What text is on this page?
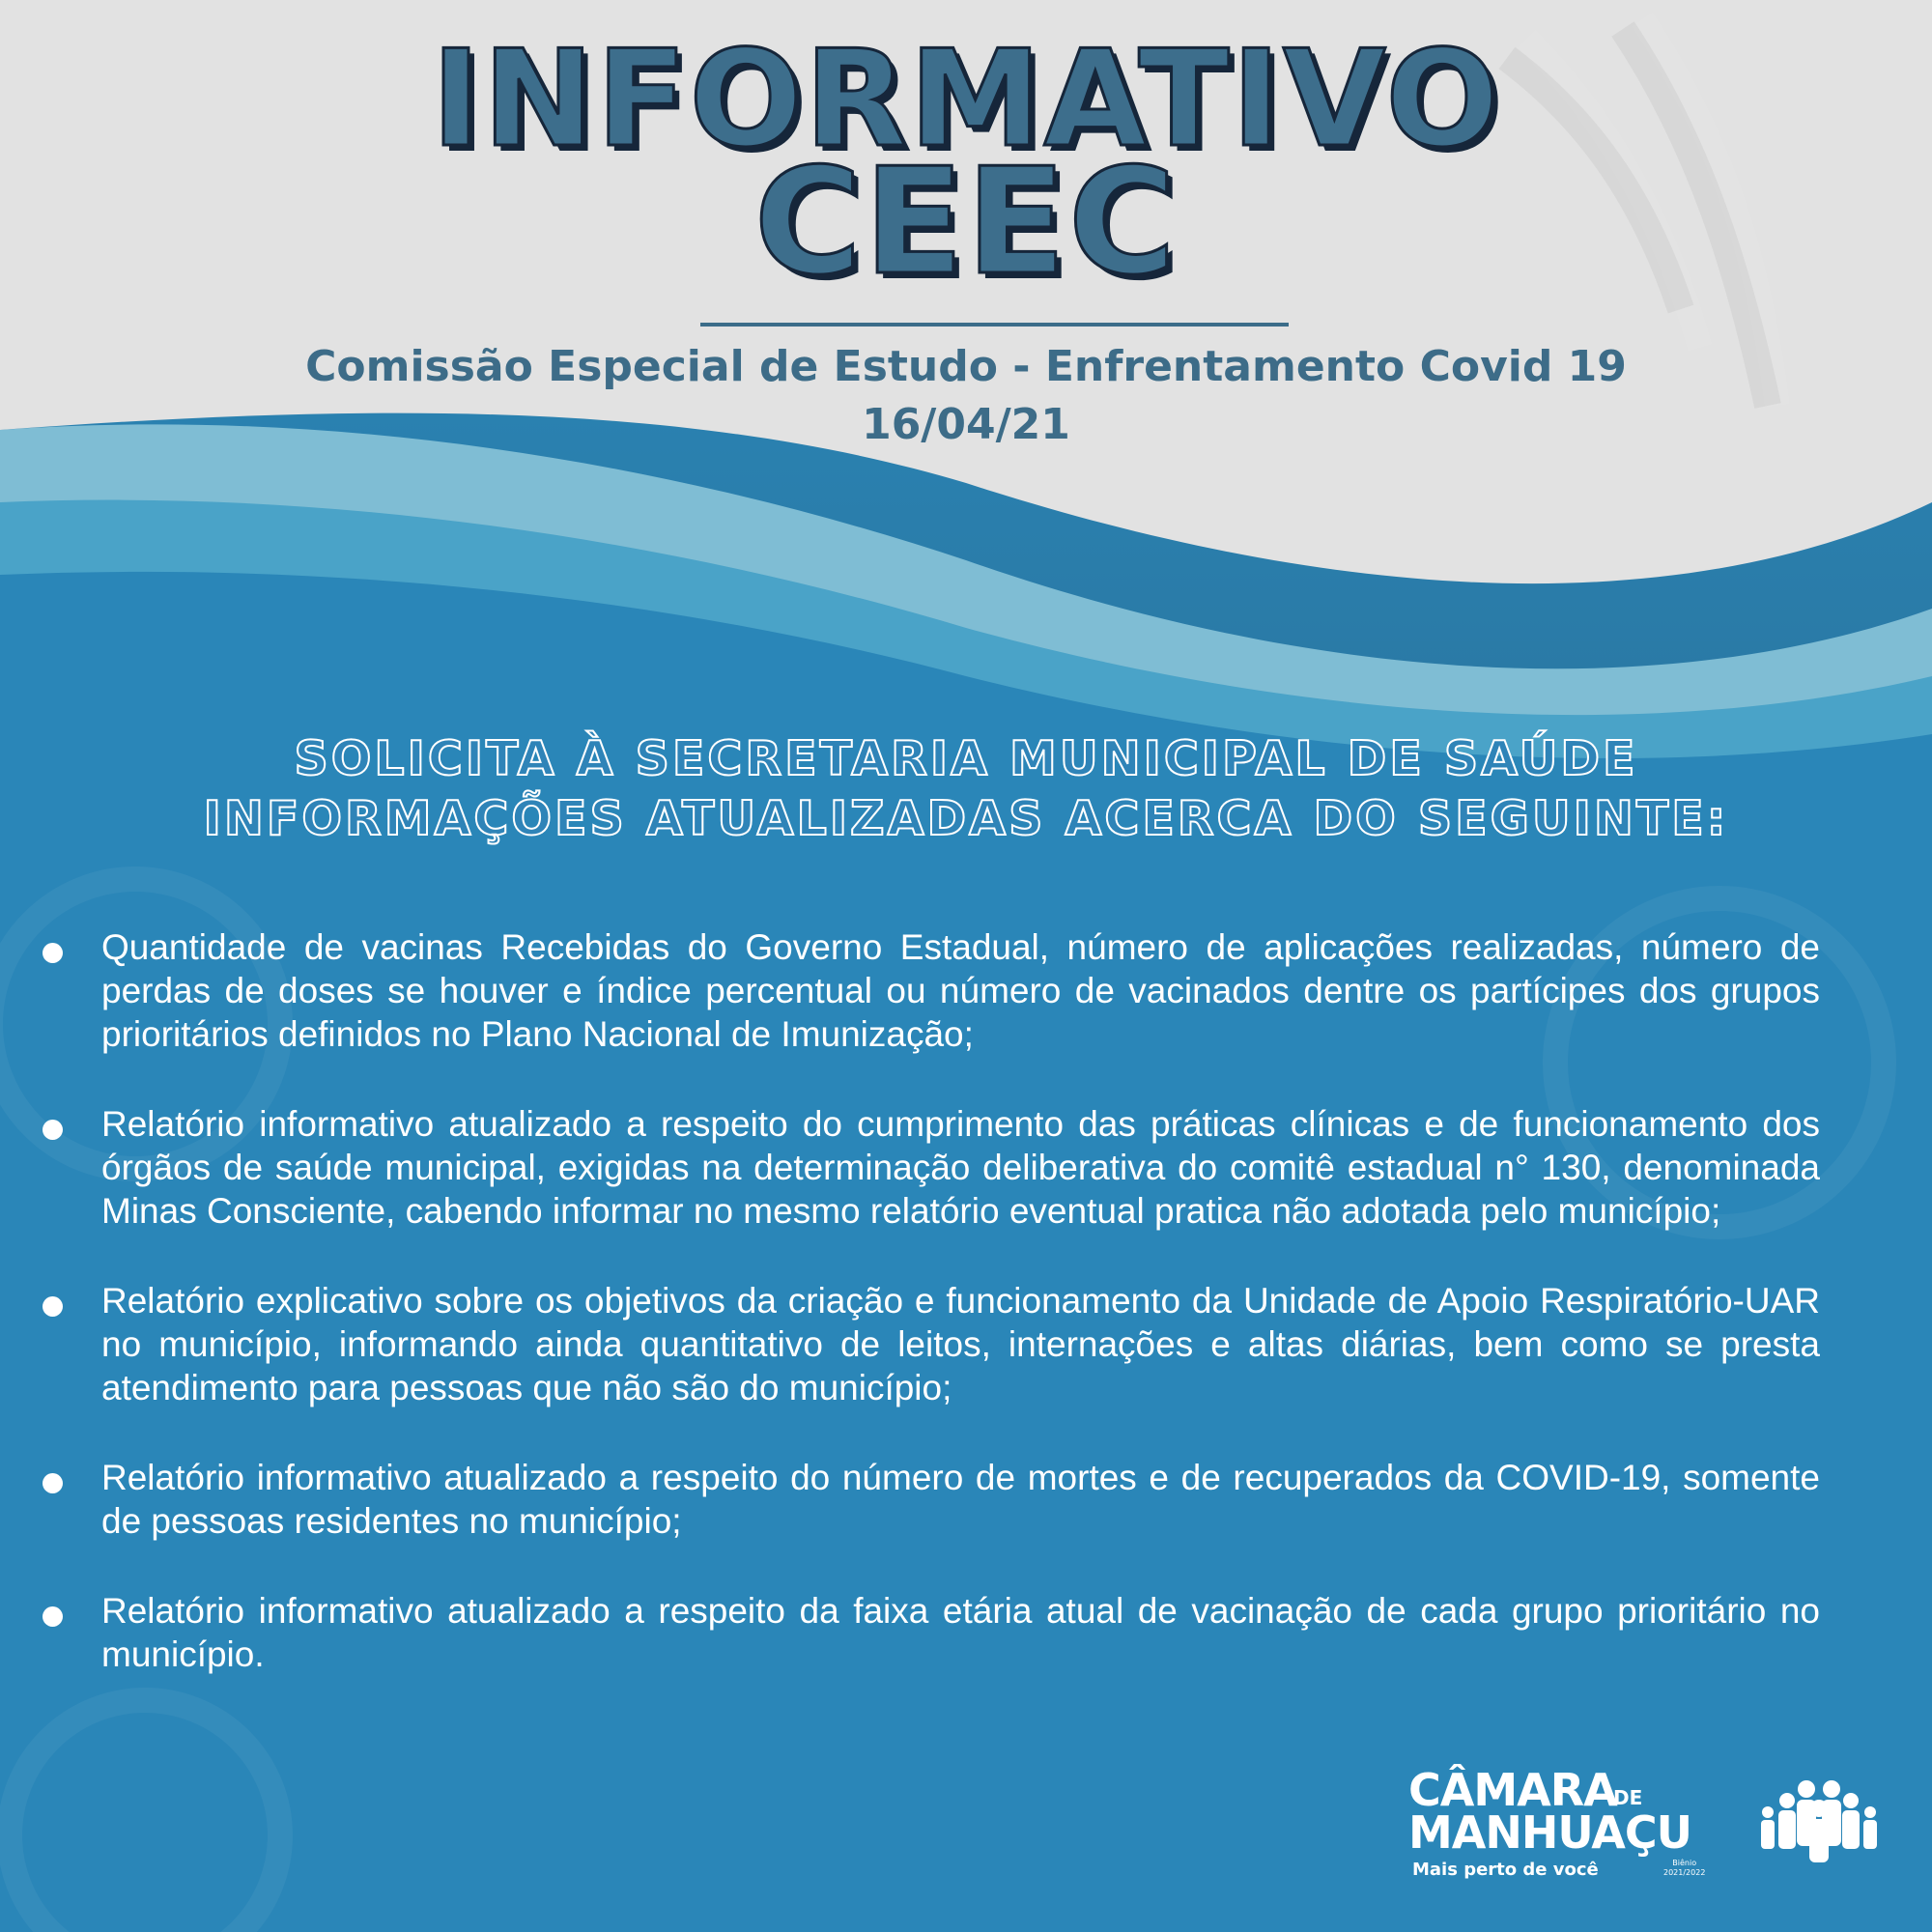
INFORMATIVO
CEEC
Comissão Especial de Estudo - Enfrentamento Covid 19
16/04/21
SOLICITA À SECRETARIA MUNICIPAL DE SAÚDE
INFORMAÇÕES ATUALIZADAS ACERCA DO SEGUINTE:
Quantidade de vacinas Recebidas do Governo Estadual, número de aplicações realizadas, número de perdas de doses se houver e índice percentual ou número de vacinados dentre os partícipes dos grupos prioritários definidos no Plano Nacional de Imunização;
Relatório informativo atualizado a respeito do cumprimento das práticas clínicas e de funcionamento dos órgãos de saúde municipal, exigidas na determinação deliberativa do comitê estadual n° 130, denominada Minas Consciente, cabendo informar no mesmo relatório eventual pratica não adotada pelo município;
Relatório explicativo sobre os objetivos da criação e funcionamento da Unidade de Apoio Respiratório-UAR no município, informando ainda quantitativo de leitos, internações e altas diárias, bem como se presta atendimento para pessoas que não são do município;
Relatório informativo atualizado a respeito do número de mortes e de recuperados da COVID-19, somente de pessoas residentes no município;
Relatório informativo atualizado a respeito da faixa etária atual de vacinação de cada grupo prioritário no município.
CÂMARA
DE
MANHUAÇU
Mais perto de você	Biênio
2021/2022
